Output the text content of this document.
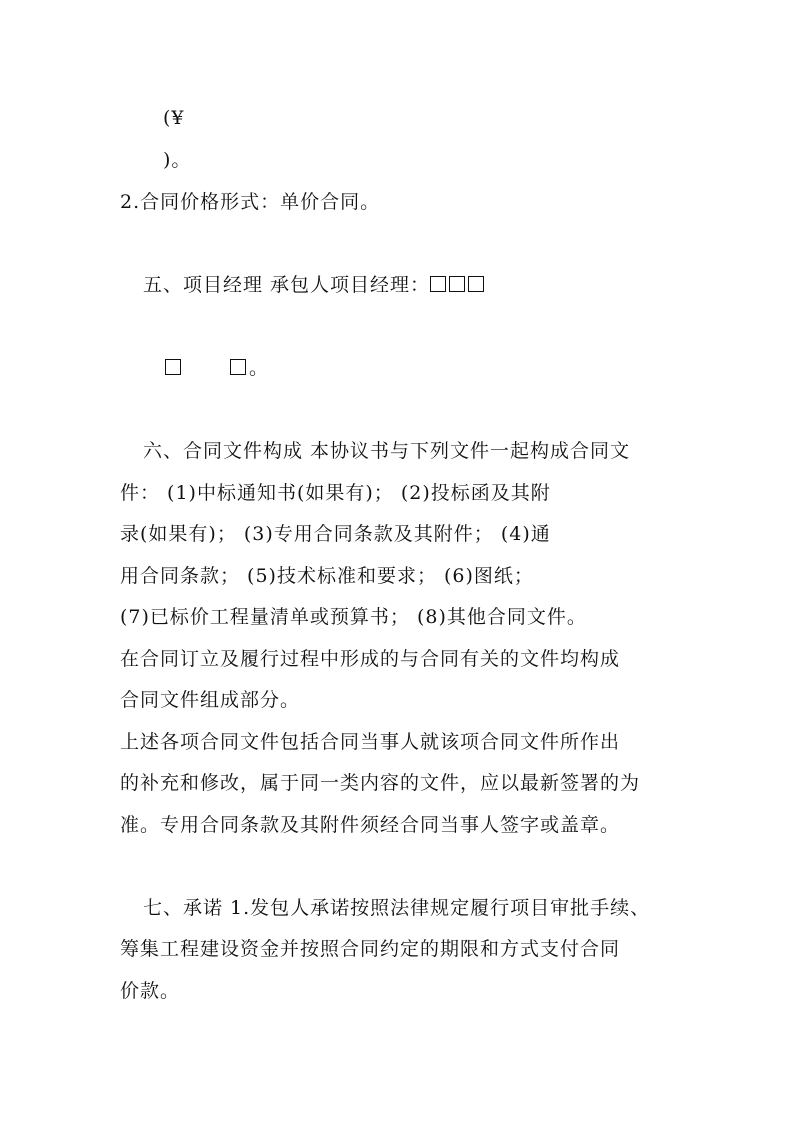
(¥
)。
2.合同价格形式：单价合同。
五、项目经理 承包人项目经理：
。
六、合同文件构成 本协议书与下列文件一起构成合同文
件： (1)中标通知书(如果有)； (2)投标函及其附
录(如果有)； (3)专用合同条款及其附件； (4)通
用合同条款； (5)技术标准和要求； (6)图纸；
(7)已标价工程量清单或预算书； (8)其他合同文件。
在合同订立及履行过程中形成的与合同有关的文件均构成
合同文件组成部分。
上述各项合同文件包括合同当事人就该项合同文件所作出
的补充和修改，属于同一类内容的文件，应以最新签署的为
准。专用合同条款及其附件须经合同当事人签字或盖章。
七、承诺 1.发包人承诺按照法律规定履行项目审批手续、
筹集工程建设资金并按照合同约定的期限和方式支付合同
价款。
